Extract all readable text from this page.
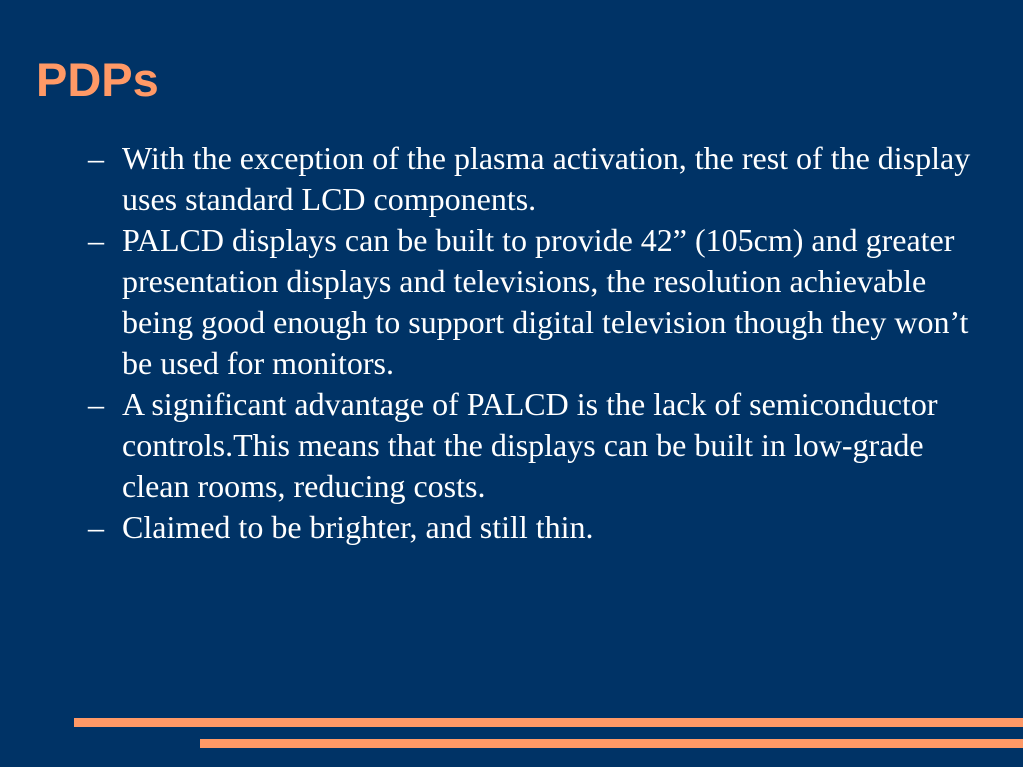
PDPs
– With the exception of the plasma activation, the rest of the display uses standard LCD components.
– PALCD displays can be built to provide 42” (105cm) and greater presentation displays and televisions, the resolution achievable being good enough to support digital television though they won’t be used for monitors.
– A significant advantage of PALCD is the lack of semiconductor controls.This means that the displays can be built in low-grade clean rooms, reducing costs.
– Claimed to be brighter, and still thin.
